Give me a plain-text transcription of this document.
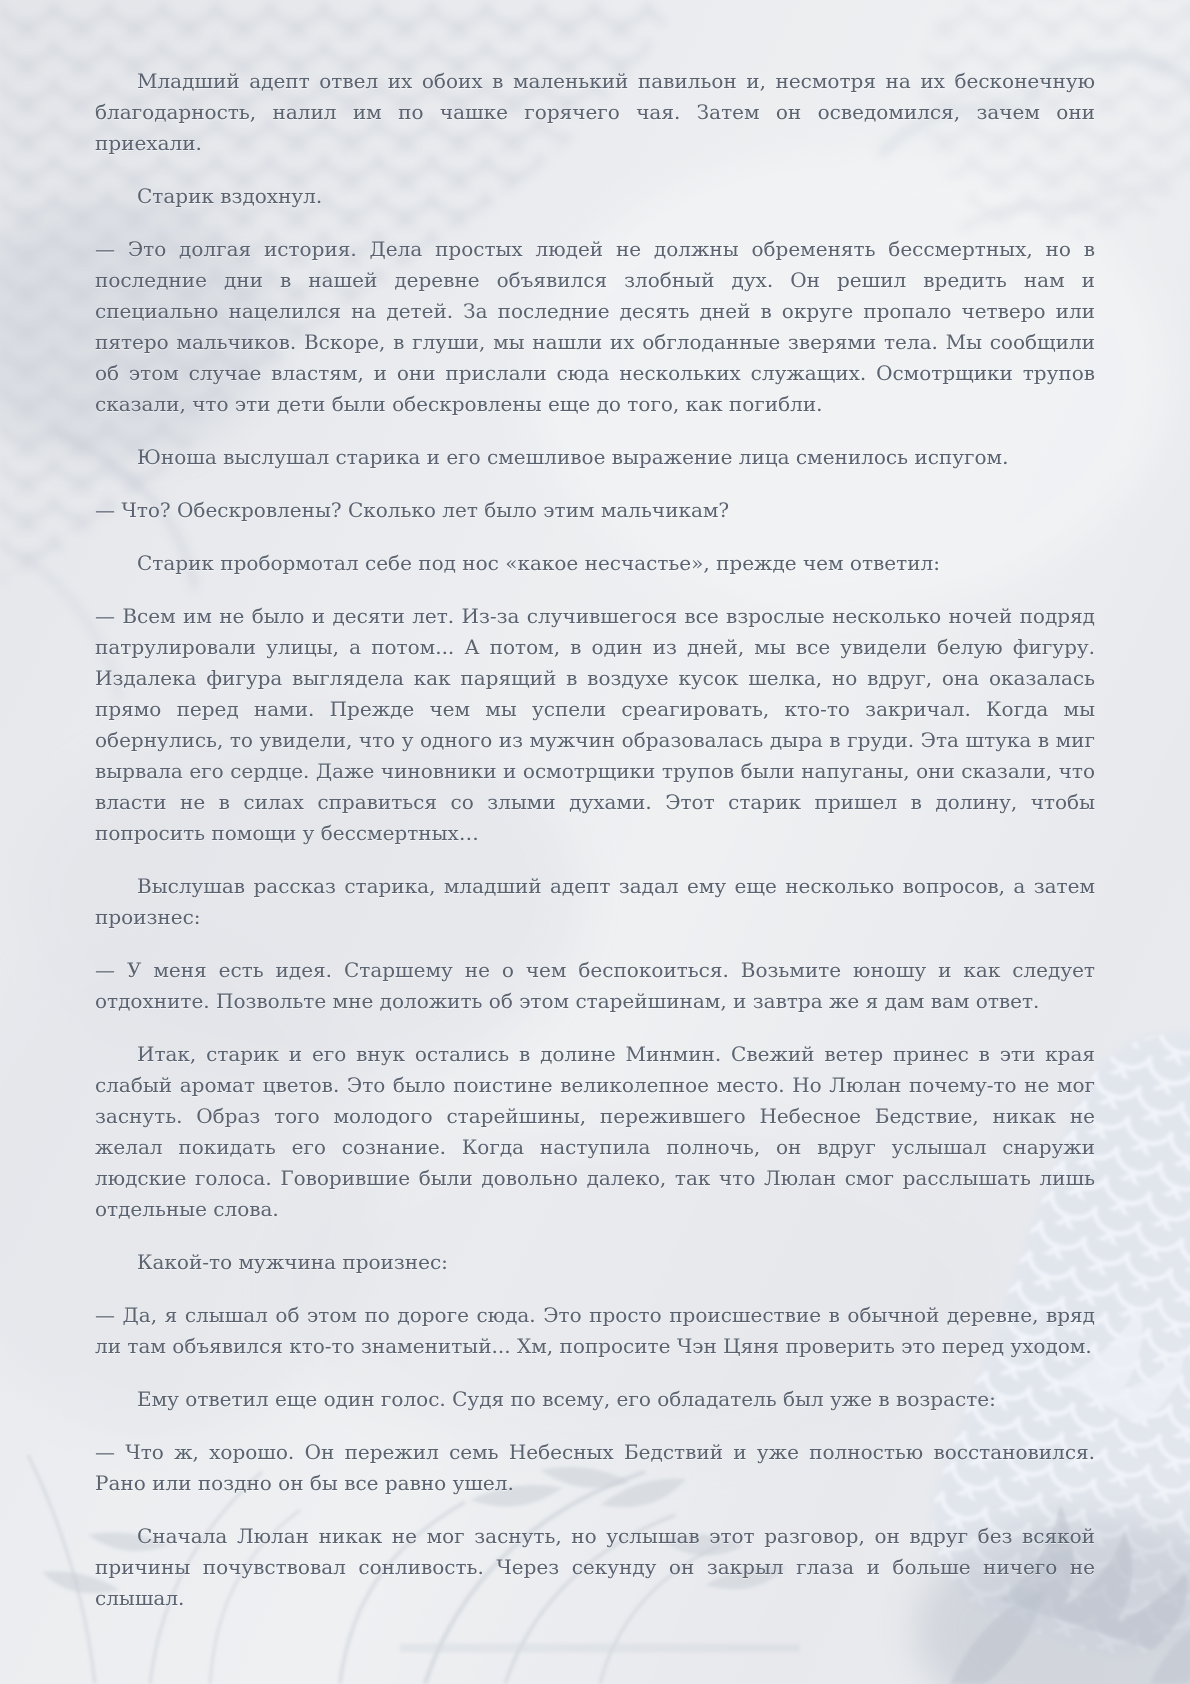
Младший адепт отвел их обоих в маленький павильон и, несмотря на их бесконечную благодарность, налил им по чашке горячего чая. Затем он осведомился, зачем они приехали.

Старик вздохнул.

— Это долгая история. Дела простых людей не должны обременять бессмертных, но в последние дни в нашей деревне объявился злобный дух. Он решил вредить нам и специально нацелился на детей. За последние десять дней в округе пропало четверо или пятеро мальчиков. Вскоре, в глуши, мы нашли их обглоданные зверями тела. Мы сообщили об этом случае властям, и они прислали сюда нескольких служащих. Осмотрщики трупов сказали, что эти дети были обескровлены еще до того, как погибли.

Юноша выслушал старика и его смешливое выражение лица сменилось испугом.

— Что? Обескровлены? Сколько лет было этим мальчикам?

Старик пробормотал себе под нос «какое несчастье», прежде чем ответил:

— Всем им не было и десяти лет. Из-за случившегося все взрослые несколько ночей подряд патрулировали улицы, а потом... А потом, в один из дней, мы все увидели белую фигуру. Издалека фигура выглядела как парящий в воздухе кусок шелка, но вдруг, она оказалась прямо перед нами. Прежде чем мы успели среагировать, кто-то закричал. Когда мы обернулись, то увидели, что у одного из мужчин образовалась дыра в груди. Эта штука в миг вырвала его сердце. Даже чиновники и осмотрщики трупов были напуганы, они сказали, что власти не в силах справиться со злыми духами. Этот старик пришел в долину, чтобы попросить помощи у бессмертных…

Выслушав рассказ старика, младший адепт задал ему еще несколько вопросов, а затем произнес:

— У меня есть идея. Старшему не о чем беспокоиться. Возьмите юношу и как следует отдохните. Позвольте мне доложить об этом старейшинам, и завтра же я дам вам ответ.

Итак, старик и его внук остались в долине Минмин. Свежий ветер принес в эти края слабый аромат цветов. Это было поистине великолепное место. Но Люлан почему-то не мог заснуть. Образ того молодого старейшины, пережившего Небесное Бедствие, никак не желал покидать его сознание. Когда наступила полночь, он вдруг услышал снаружи людские голоса. Говорившие были довольно далеко, так что Люлан смог расслышать лишь отдельные слова.

Какой-то мужчина произнес:

— Да, я слышал об этом по дороге сюда. Это просто происшествие в обычной деревне, вряд ли там объявился кто-то знаменитый... Хм, попросите Чэн Цяня проверить это перед уходом.

Ему ответил еще один голос. Судя по всему, его обладатель был уже в возрасте:

— Что ж, хорошо. Он пережил семь Небесных Бедствий и уже полностью восстановился. Рано или поздно он бы все равно ушел.

Сначала Люлан никак не мог заснуть, но услышав этот разговор, он вдруг без всякой причины почувствовал сонливость. Через секунду он закрыл глаза и больше ничего не слышал.
